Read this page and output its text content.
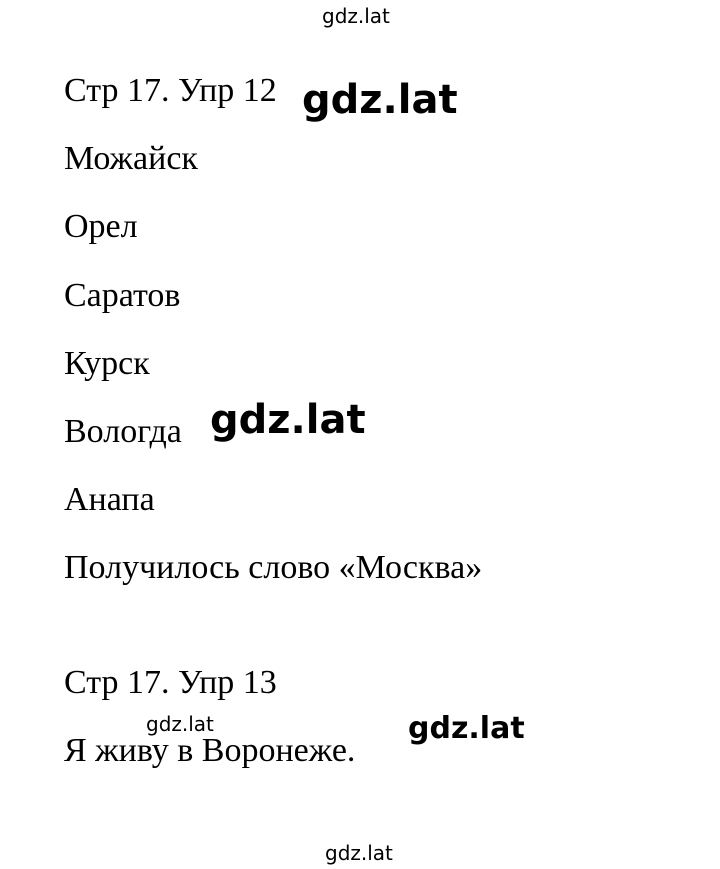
gdz.lat
gdz.lat
gdz.lat
gdz.lat	gdz.lat
gdz.lat
Стр 17. Упр 12
Можайск
Орел
Саратов
Курск
Вологда
Анапа
Получилось слово «Москва»
Стр 17. Упр 13
Я живу в Воронеже.
